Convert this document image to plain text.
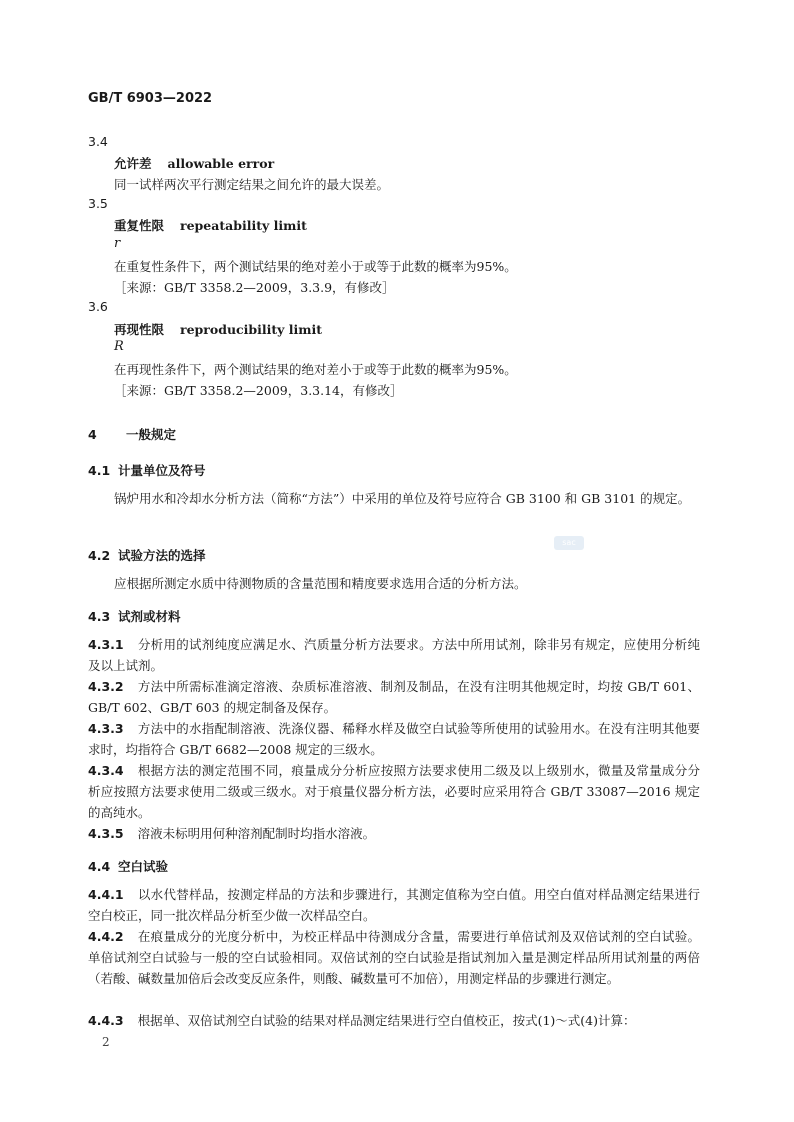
GB/T 6903—2022
3.4
允许差 allowable error
同一试样两次平行测定结果之间允许的最大误差。
3.5
重复性限 repeatability limit
r
在重复性条件下，两个测试结果的绝对差小于或等于此数的概率为95%。
［来源：GB/T 3358.2—2009，3.3.9，有修改］
3.6
再现性限 reproducibility limit
R
在再现性条件下，两个测试结果的绝对差小于或等于此数的概率为95%。
［来源：GB/T 3358.2—2009，3.3.14，有修改］
4 一般规定
4.1 计量单位及符号
锅炉用水和冷却水分析方法（简称“方法”）中采用的单位及符号应符合 GB 3100 和 GB 3101 的规定。
sac
4.2 试验方法的选择
应根据所测定水质中待测物质的含量范围和精度要求选用合适的分析方法。
4.3 试剂或材料
4.3.1 分析用的试剂纯度应满足水、汽质量分析方法要求。方法中所用试剂，除非另有规定，应使用分析纯及以上试剂。
4.3.2 方法中所需标准滴定溶液、杂质标准溶液、制剂及制品，在没有注明其他规定时，均按 GB/T 601、GB/T 602、GB/T 603 的规定制备及保存。
4.3.3 方法中的水指配制溶液、洗涤仪器、稀释水样及做空白试验等所使用的试验用水。在没有注明其他要求时，均指符合 GB/T 6682—2008 规定的三级水。
4.3.4 根据方法的测定范围不同，痕量成分分析应按照方法要求使用二级及以上级别水，微量及常量成分分析应按照方法要求使用二级或三级水。对于痕量仪器分析方法，必要时应采用符合 GB/T 33087—2016 规定的高纯水。
4.3.5 溶液未标明用何种溶剂配制时均指水溶液。
4.4 空白试验
4.4.1 以水代替样品，按测定样品的方法和步骤进行，其测定值称为空白值。用空白值对样品测定结果进行空白校正，同一批次样品分析至少做一次样品空白。
4.4.2 在痕量成分的光度分析中，为校正样品中待测成分含量，需要进行单倍试剂及双倍试剂的空白试验。单倍试剂空白试验与一般的空白试验相同。双倍试剂的空白试验是指试剂加入量是测定样品所用试剂量的两倍（若酸、碱数量加倍后会改变反应条件，则酸、碱数量可不加倍），用测定样品的步骤进行测定。
4.4.3 根据单、双倍试剂空白试验的结果对样品测定结果进行空白值校正，按式(1)～式(4)计算：
2
